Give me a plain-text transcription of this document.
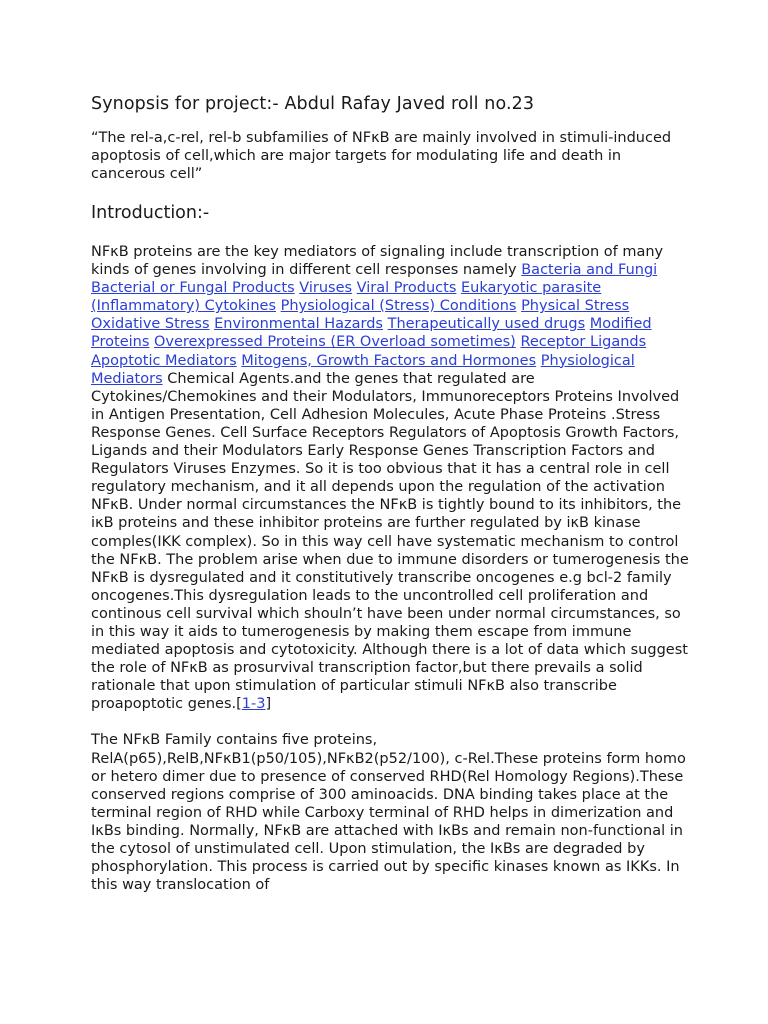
Synopsis for project:- Abdul Rafay Javed roll no.23
“The rel-a,c-rel, rel-b subfamilies of NFκB are mainly involved in stimuli-induced apoptosis of cell,which are major targets for modulating life and death in cancerous cell”
Introduction:-
NFκB proteins are the key mediators of signaling include transcription of many kinds of genes involving in different cell responses namely Bacteria and Fungi Bacterial or Fungal Products Viruses Viral Products Eukaryotic parasite (Inflammatory) Cytokines Physiological (Stress) Conditions Physical Stress Oxidative Stress Environmental Hazards Therapeutically used drugs Modified Proteins Overexpressed Proteins (ER Overload sometimes) Receptor Ligands  Apoptotic Mediators Mitogens, Growth Factors and Hormones Physiological Mediators Chemical Agents.and the genes that regulated are Cytokines/Chemokines and their Modulators, Immunoreceptors Proteins Involved in Antigen Presentation, Cell Adhesion Molecules, Acute Phase Proteins .Stress Response Genes. Cell Surface Receptors Regulators of Apoptosis Growth Factors, Ligands and their Modulators Early Response Genes Transcription Factors and Regulators Viruses Enzymes. So it is too obvious that it has a central role in cell regulatory mechanism, and it all depends upon the regulation of the activation NFκB. Under normal circumstances the NFκB is tightly bound to its inhibitors, the iκB proteins and these inhibitor proteins are further regulated by iκB kinase comples(IKK complex). So in this way cell have systematic mechanism to control the NFκB. The problem arise when due to immune disorders or tumerogenesis the NFκB is dysregulated and it constitutively transcribe oncogenes e.g bcl-2 family oncogenes.This dysregulation leads to the uncontrolled cell proliferation and continous cell survival which shouln’t have been under normal circumstances, so in this way it aids to tumerogenesis by making them escape from immune mediated apoptosis and cytotoxicity. Although there is a lot of data which suggest the role of NFκB as prosurvival transcription factor,but there prevails a solid rationale that upon stimulation of particular stimuli NFκB also transcribe proapoptotic genes.[1-3]
The NFκB Family contains five proteins, RelA(p65),RelB,NFκB1(p50/105),NFκB2(p52/100), c-Rel.These proteins form homo or hetero dimer due to presence of conserved RHD(Rel Homology Regions).These conserved regions comprise of 300 aminoacids. DNA binding takes place at the terminal region of RHD while Carboxy terminal of RHD helps in dimerization and IκBs binding. Normally, NFκB are attached with IκBs and remain non-functional in the cytosol of unstimulated cell. Upon stimulation, the IκBs are degraded by phosphorylation. This process is carried out by specific kinases known as IKKs. In this way translocation of
